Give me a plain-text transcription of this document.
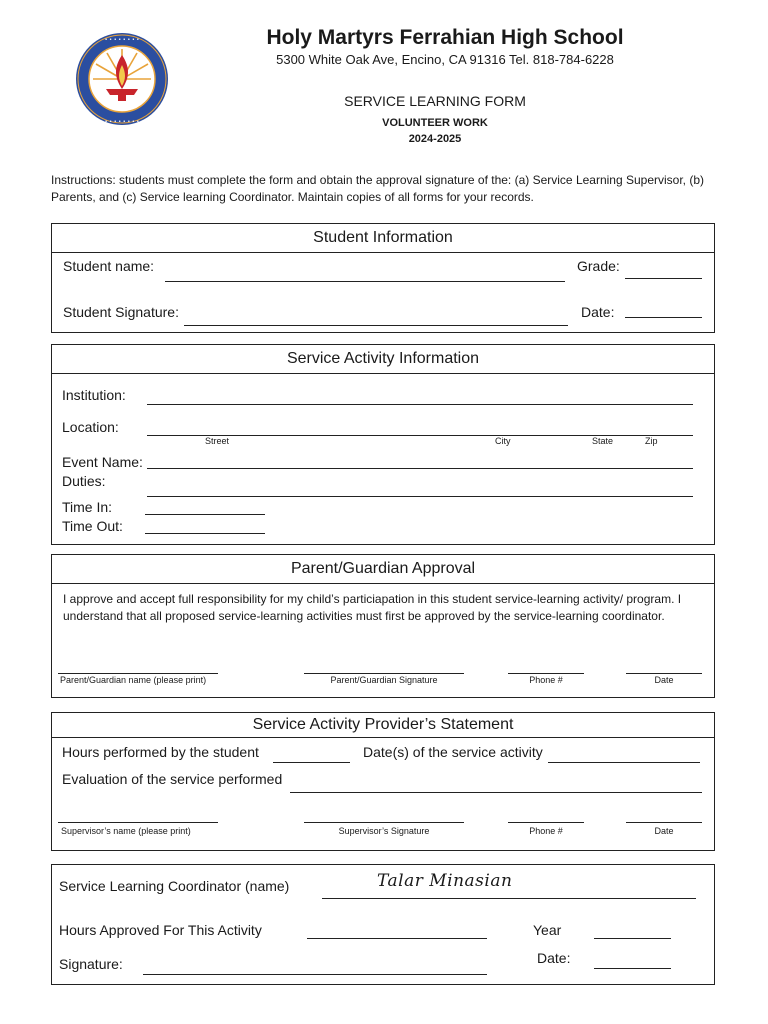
• • • • • • • •
• • • • • • • •
Holy Martyrs Ferrahian High School
5300 White Oak Ave, Encino, CA 91316 Tel. 818-784-6228
SERVICE LEARNING FORM
VOLUNTEER WORK
2024-2025
Instructions: students must complete the form and obtain the approval signature of the: (a) Service Learning Supervisor, (b) Parents, and (c) Service learning Coordinator. Maintain copies of all forms for your records.
Student Information
Student name:	Grade:
Student Signature:	Date:
Service Activity Information
Institution:
Location:
Street	City	State	Zip
Event Name:
Duties:
Time In:
Time Out:
Parent/Guardian Approval
I approve and accept full responsibility for my child’s particiapation in this student service-learning activity/ program. I understand that all proposed service-learning activities must first be approved by the service-learning coordinator.
Parent/Guardian name (please print)	Parent/Guardian Signature	Phone #	Date
Service Activity Provider’s Statement
Hours performed by the student	Date(s) of the service activity
Evaluation of the service performed
Supervisor’s name (please print)	Supervisor’s Signature	Phone #	Date
Service Learning Coordinator (name)	Talar Minasian
Hours Approved For This Activity	Year
Signature:	Date:
